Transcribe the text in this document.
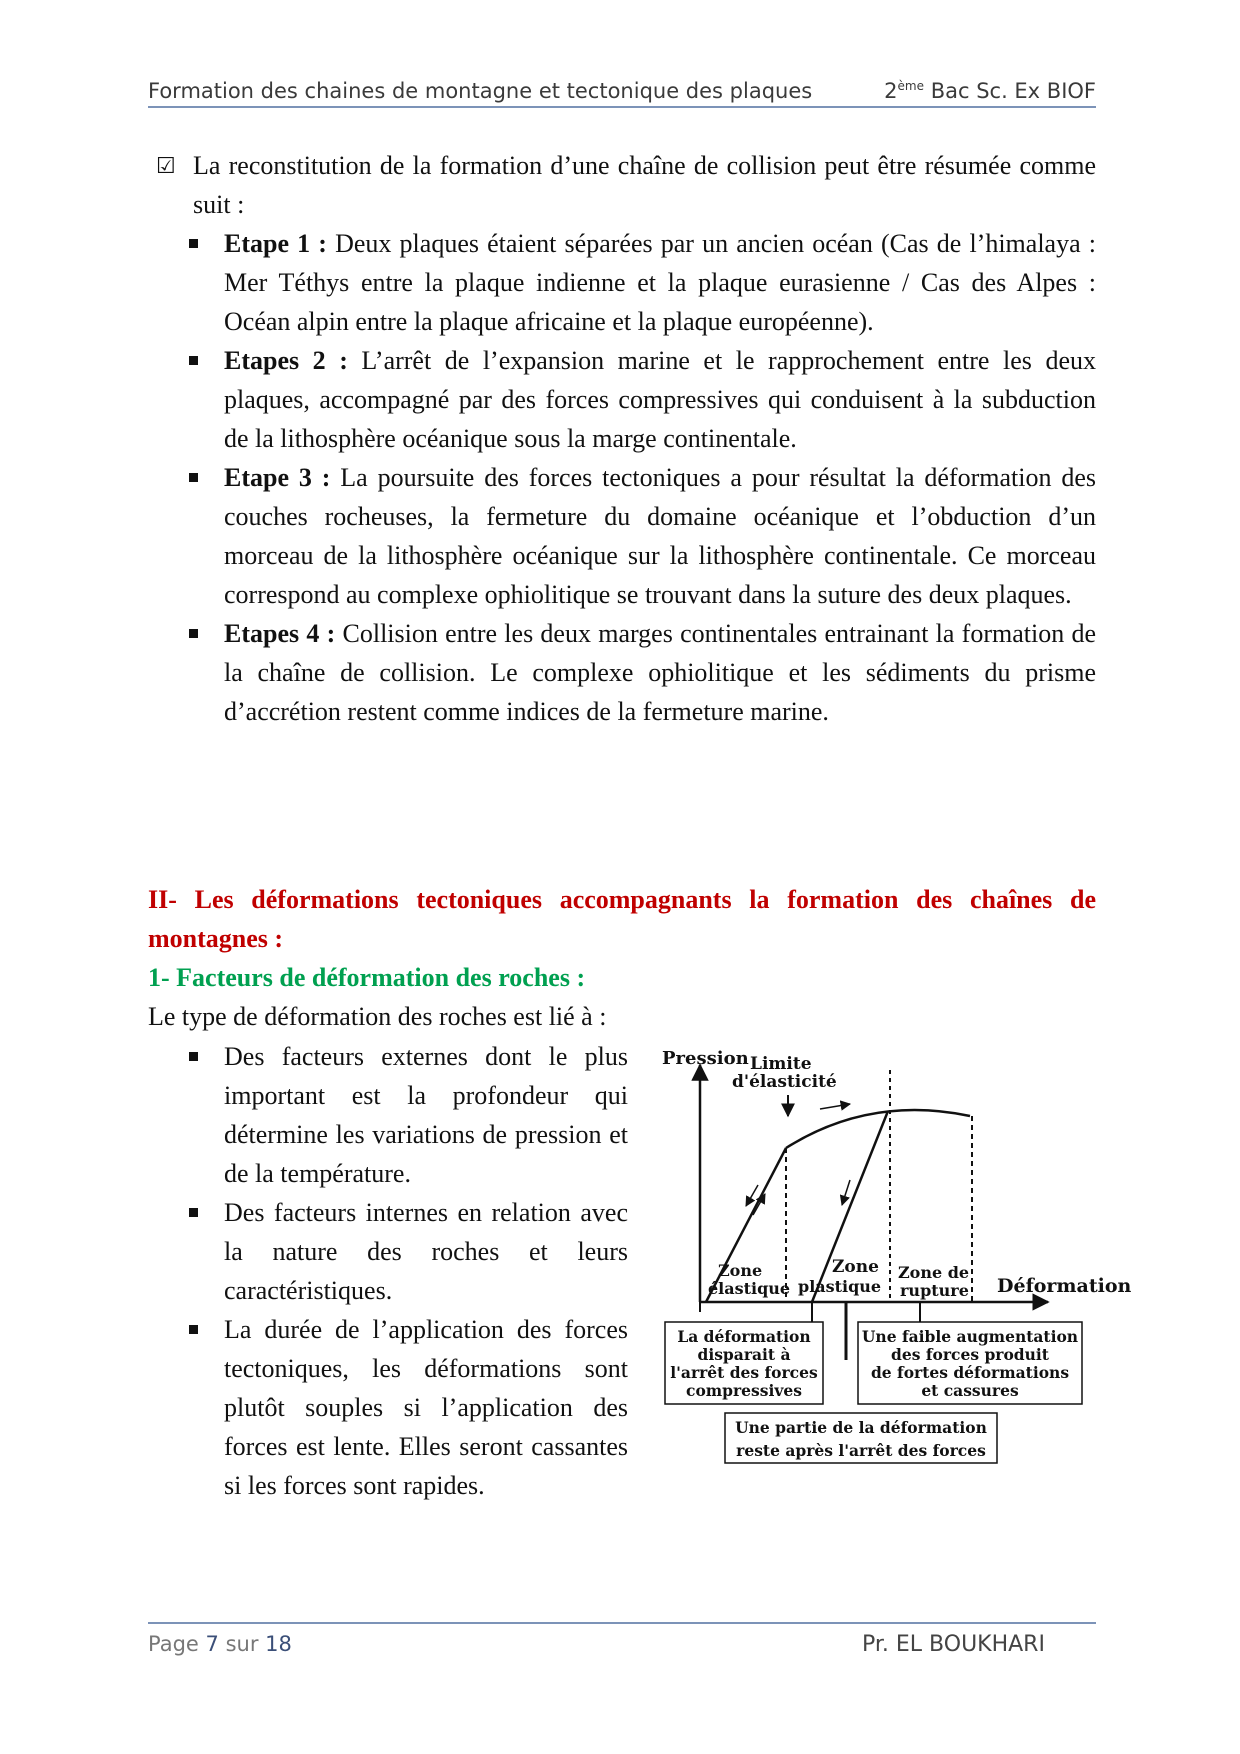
Formation des chaines de montagne et tectonique des plaques	2ème Bac Sc. Ex BIOF
☑ La reconstitution de la formation d’une chaîne de collision peut être résumée comme suit :
Etape 1 : Deux plaques étaient séparées par un ancien océan (Cas de l’himalaya : Mer Téthys entre la plaque indienne et la plaque eurasienne / Cas des Alpes : Océan alpin entre la plaque africaine et la plaque européenne).
Etapes 2 : L’arrêt de l’expansion marine et le rapprochement entre les deux plaques, accompagné par des forces compressives qui conduisent à la subduction de la lithosphère océanique sous la marge continentale.
Etape 3 : La poursuite des forces tectoniques a pour résultat la déformation des couches rocheuses, la fermeture du domaine océanique et l’obduction d’un morceau de la lithosphère océanique sur la lithosphère continentale. Ce morceau correspond au complexe ophiolitique se trouvant dans la suture des deux plaques.
Etapes 4 : Collision entre les deux marges continentales entrainant la formation de la chaîne de collision. Le complexe ophiolitique et les sédiments du prisme d’accrétion restent comme indices de la fermeture marine.
II- Les déformations tectoniques accompagnants la formation des chaînes de montagnes :
1- Facteurs de déformation des roches :
Le type de déformation des roches est lié à :
Des facteurs externes dont le plus important est la profondeur qui détermine les variations de pression et de la température.
Des facteurs internes en relation avec la nature des roches et leurs caractéristiques.
La durée de l’application des forces tectoniques, les déformations sont plutôt souples si l’application des forces est lente. Elles seront cassantes si les forces sont rapides.
Pression
Déformation
Limite
d'élasticité
Zone
élastique
Zone
plastique
Zone de
rupture
La déformation
disparait à
l'arrêt des forces
compressives
Une faible augmentation
des forces produit
de fortes déformations
et cassures
Une partie de la déformation
reste après l'arrêt des forces
Page 7 sur 18	Pr. EL BOUKHARI
